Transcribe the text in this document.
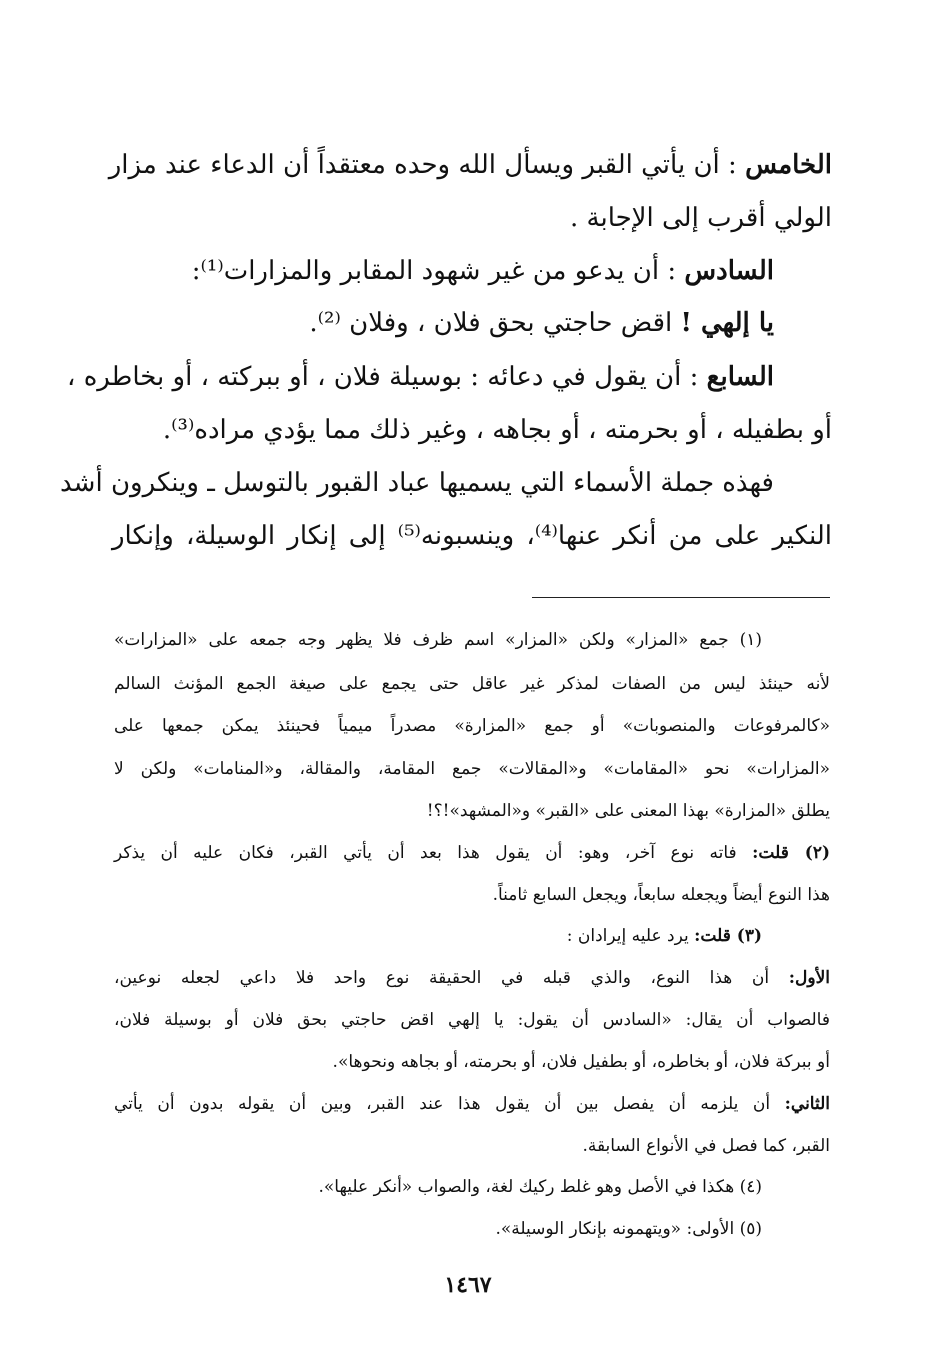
الخامس : أن يأتي القبر ويسأل الله وحده معتقداً أن الدعاء عند مزار
الولي أقرب إلى الإجابة .
السادس : أن يدعو من غير شهود المقابر والمزارات⁽¹⁾:
يا إلهي ! اقض حاجتي بحق فلان ، وفلان ⁽²⁾.
السابع : أن يقول في دعائه : بوسيلة فلان ، أو ببركته ، أو بخاطره ،
أو بطفيله ، أو بحرمته ، أو بجاهه ، وغير ذلك مما يؤدي مراده⁽³⁾.
فهذه جملة الأسماء التي يسميها عباد القبور بالتوسل ـ وينكرون أشد
النكير على من أنكر عنها⁽⁴⁾، وينسبونه⁽⁵⁾ إلى إنكار الوسيلة، وإنكار
(١) جمع «المزار» ولكن «المزار» اسم ظرف فلا يظهر وجه جمعه على «المزارات»
لأنه حينئذ ليس من الصفات لمذكر غير عاقل حتى يجمع على صيغة الجمع المؤنث السالم
«كالمرفوعات والمنصوبات» أو جمع «المزارة» مصدراً ميمياً فحينئذ يمكن جمعها على
«المزارات» نحو «المقامات» و«المقالات» جمع المقامة، والمقالة، و«المنامات» ولكن لا
يطلق «المزارة» بهذا المعنى على «القبر» و«المشهد»!؟!
(٢) قلت: فاته نوع آخر، وهو: أن يقول هذا بعد أن يأتي القبر، فكان عليه أن يذكر
هذا النوع أيضاً ويجعله سابعاً، ويجعل السابع ثامناً.
(٣) قلت: يرد عليه إيرادان :
الأول: أن هذا النوع، والذي قبله في الحقيقة نوع واحد فلا داعي لجعله نوعين،
فالصواب أن يقال: «السادس أن يقول: يا إلهي اقض حاجتي بحق فلان أو بوسيلة فلان،
أو ببركة فلان، أو بخاطره، أو بطفيل فلان، أو بحرمته، أو بجاهه ونحوها».
الثاني: أن يلزمه أن يفصل بين أن يقول هذا عند القبر، وبين أن يقوله بدون أن يأتي
القبر، كما فصل في الأنواع السابقة.
(٤) هكذا في الأصل وهو غلط ركيك لغة، والصواب «أنكر عليها».
(٥) الأولى: «ويتهمونه بإنكار الوسيلة».
١٤٦٧
